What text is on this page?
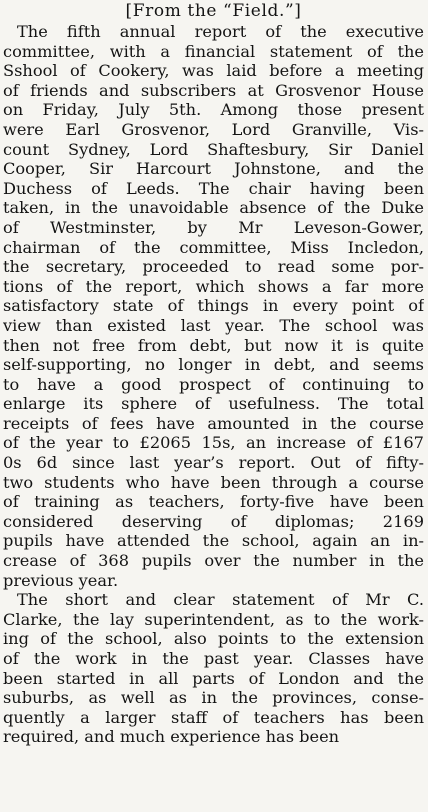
[From the “Field.”]
The fifth annual report of the executive
committee, with a financial statement of the
Sshool of Cookery, was laid before a meeting
of friends and subscribers at Grosvenor House
on Friday, July 5th. Among those present
were Earl Grosvenor, Lord Granville, Vis-
count Sydney, Lord Shaftesbury, Sir Daniel
Cooper, Sir Harcourt Johnstone, and the
Duchess of Leeds. The chair having been
taken, in the unavoidable absence of the Duke
of Westminster, by Mr Leveson-Gower,
chairman of the committee, Miss Incledon,
the secretary, proceeded to read some por-
tions of the report, which shows a far more
satisfactory state of things in every point of
view than existed last year. The school was
then not free from debt, but now it is quite
self-supporting, no longer in debt, and seems
to have a good prospect of continuing to
enlarge its sphere of usefulness. The total
receipts of fees have amounted in the course
of the year to £2065 15s, an increase of £167
0s 6d since last year’s report. Out of fifty-
two students who have been through a course
of training as teachers, forty-five have been
considered deserving of diplomas; 2169
pupils have attended the school, again an in-
crease of 368 pupils over the number in the
previous year.
The short and clear statement of Mr C.
Clarke, the lay superintendent, as to the work-
ing of the school, also points to the extension
of the work in the past year. Classes have
been started in all parts of London and the
suburbs, as well as in the provinces, conse-
quently a larger staff of teachers has been
required, and much experience has been
